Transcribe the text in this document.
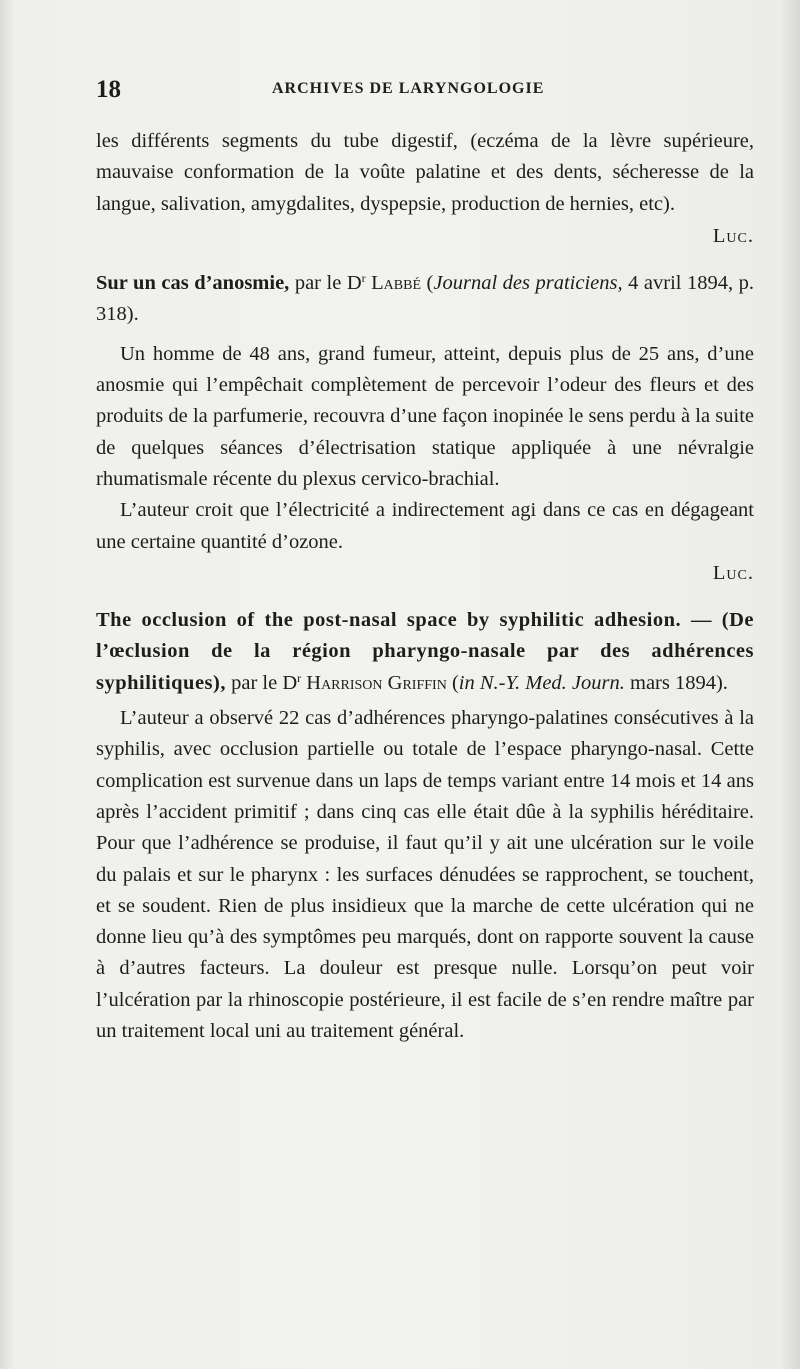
18	ARCHIVES DE LARYNGOLOGIE

les différents segments du tube digestif, (eczéma de la lèvre supérieure, mauvaise conformation de la voûte palatine et des dents, sécheresse de la langue, salivation, amygdalites, dyspepsie, production de hernies, etc).

Luc.

Sur un cas d’anosmie, par le $D^r$ Labbé (Journal des praticiens, 4 avril 1894, p. 318).

Un homme de 48 ans, grand fumeur, atteint, depuis plus de 25 ans, d’une anosmie qui l’empêchait complètement de percevoir l’odeur des fleurs et des produits de la parfumerie, recouvra d’une façon inopinée le sens perdu à la suite de quelques séances d’électrisation statique appliquée à une névralgie rhumatismale récente du plexus cervico-brachial.

L’auteur croit que l’électricité a indirectement agi dans ce cas en dégageant une certaine quantité d’ozone.

Luc.

The occlusion of the post-nasal space by syphilitic adhesion. — (De l’œclusion de la région pharyngo-nasale par des adhérences syphilitiques), par le $D^r$ Harrison Griffin (in N.-Y. Med. Journ. mars 1894).

L’auteur a observé 22 cas d’adhérences pharyngo-palatines consécutives à la syphilis, avec occlusion partielle ou totale de l’espace pharyngo-nasal. Cette complication est survenue dans un laps de temps variant entre 14 mois et 14 ans après l’accident primitif ; dans cinq cas elle était dûe à la syphilis héréditaire. Pour que l’adhérence se produise, il faut qu’il y ait une ulcération sur le voile du palais et sur le pharynx : les surfaces dénudées se rapprochent, se touchent, et se soudent. Rien de plus insidieux que la marche de cette ulcération qui ne donne lieu qu’à des symptômes peu marqués, dont on rapporte souvent la cause à d’autres facteurs. La douleur est presque nulle. Lorsqu’on peut voir l’ulcération par la rhinoscopie postérieure, il est facile de s’en rendre maître par un traitement local uni au traitement général.
